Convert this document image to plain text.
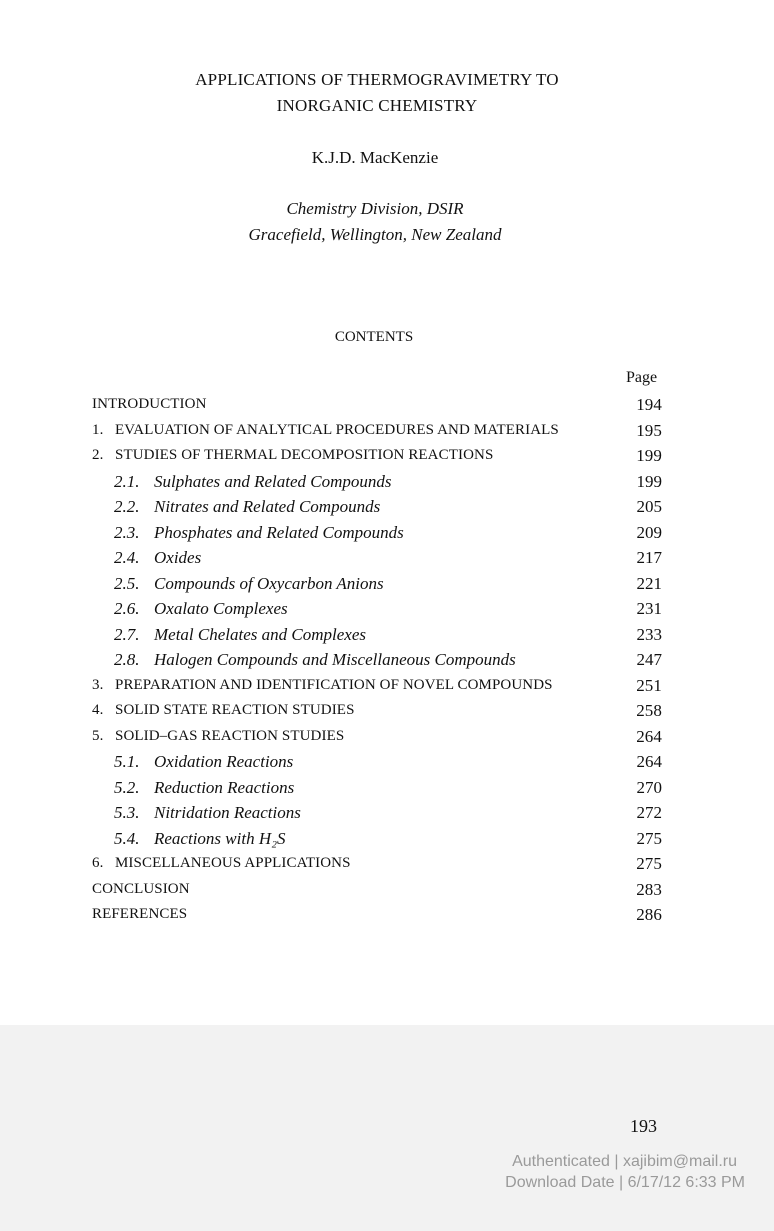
APPLICATIONS OF THERMOGRAVIMETRY TO
INORGANIC CHEMISTRY
K.J.D. MacKenzie
Chemistry Division, DSIR
Gracefield, Wellington, New Zealand
CONTENTS
Page
INTRODUCTION	194
1. EVALUATION OF ANALYTICAL PROCEDURES AND MATERIALS	195
2. STUDIES OF THERMAL DECOMPOSITION REACTIONS	199
2.1. Sulphates and Related Compounds	199
2.2. Nitrates and Related Compounds	205
2.3. Phosphates and Related Compounds	209
2.4. Oxides	217
2.5. Compounds of Oxycarbon Anions	221
2.6. Oxalato Complexes	231
2.7. Metal Chelates and Complexes	233
2.8. Halogen Compounds and Miscellaneous Compounds	247
3. PREPARATION AND IDENTIFICATION OF NOVEL COMPOUNDS	251
4. SOLID STATE REACTION STUDIES	258
5. SOLID–GAS REACTION STUDIES	264
5.1. Oxidation Reactions	264
5.2. Reduction Reactions	270
5.3. Nitridation Reactions	272
5.4. Reactions with H₂S	275
6. MISCELLANEOUS APPLICATIONS	275
CONCLUSION	283
REFERENCES	286
193
Authenticated | xajibim@mail.ru
Download Date | 6/17/12 6:33 PM
